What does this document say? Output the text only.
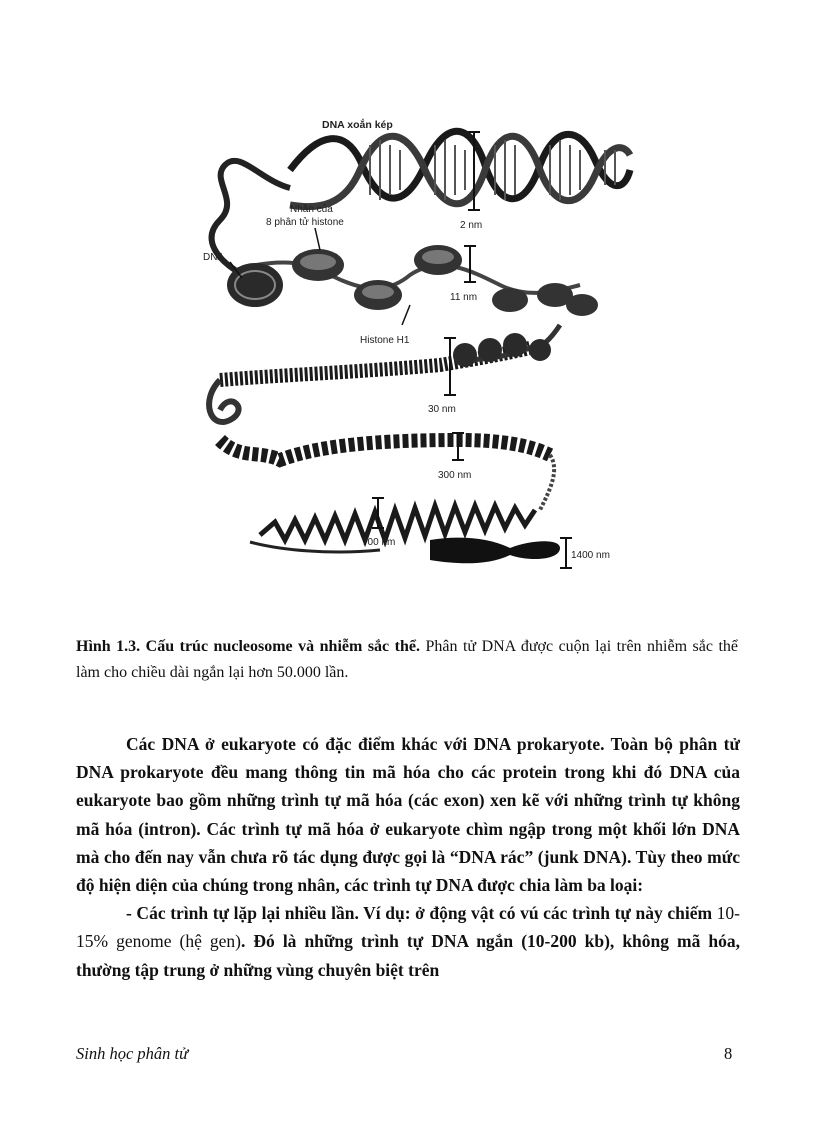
DNA xoắn kép
Nhân của
8 phân tử histone
DNA
Histone H1
2 nm
11 nm
30 nm
300 nm
700 nm
1400 nm
Hình 1.3. Cấu trúc nucleosome và nhiễm sắc thể. Phân tử DNA được cuộn lại trên nhiễm sắc thể làm cho chiều dài ngắn lại hơn 50.000 lần.

Các DNA ở eukaryote có đặc điểm khác với DNA prokaryote. Toàn bộ phân tử DNA prokaryote đều mang thông tin mã hóa cho các protein trong khi đó DNA của eukaryote bao gồm những trình tự mã hóa (các exon) xen kẽ với những trình tự không mã hóa (intron). Các trình tự mã hóa ở eukaryote chìm ngập trong một khối lớn DNA mà cho đến nay vẫn chưa rõ tác dụng được gọi là “DNA rác” (junk DNA). Tùy theo mức độ hiện diện của chúng trong nhân, các trình tự DNA được chia làm ba loại:

- Các trình tự lặp lại nhiều lần. Ví dụ: ở động vật có vú các trình tự này chiếm 10-15% genome (hệ gen). Đó là những trình tự DNA ngắn (10-200 kb), không mã hóa, thường tập trung ở những vùng chuyên biệt trên

Sinh học phân tử	8
